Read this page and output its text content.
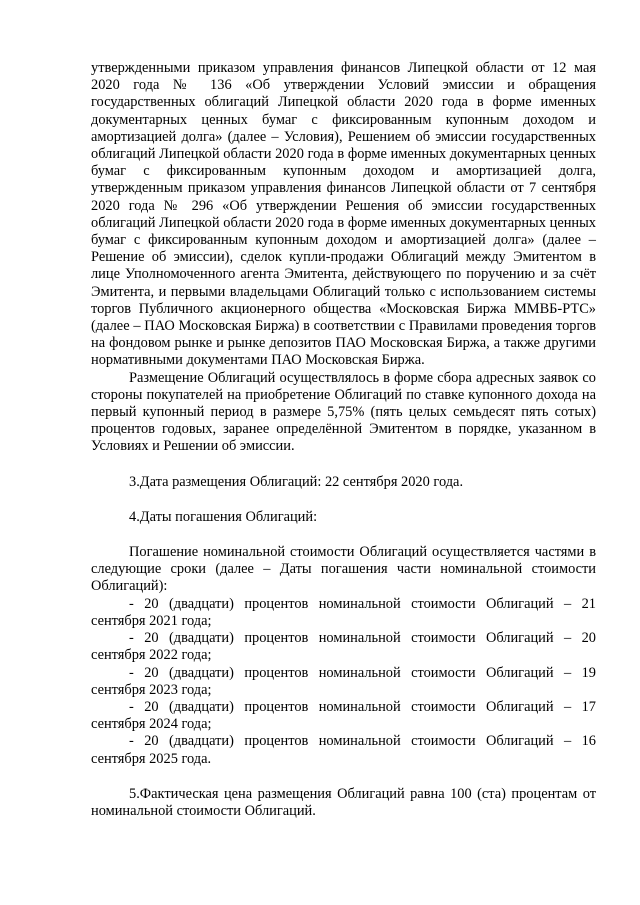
утвержденными приказом управления финансов Липецкой области от 12 мая 2020 года № 136 «Об утверждении Условий эмиссии и обращения государственных облигаций Липецкой области 2020 года в форме именных документарных ценных бумаг с фиксированным купонным доходом и амортизацией долга» (далее – Условия), Решением об эмиссии государственных облигаций Липецкой области 2020 года в форме именных документарных ценных бумаг с фиксированным купонным доходом и амортизацией долга, утвержденным приказом управления финансов Липецкой области от 7 сентября 2020 года № 296 «Об утверждении Решения об эмиссии государственных облигаций Липецкой области 2020 года в форме именных документарных ценных бумаг с фиксированным купонным доходом и амортизацией долга» (далее – Решение об эмиссии), сделок купли-продажи Облигаций между Эмитентом в лице Уполномоченного агента Эмитента, действующего по поручению и за счёт Эмитента, и первыми владельцами Облигаций только с использованием системы торгов Публичного акционерного общества «Московская Биржа ММВБ-РТС» (далее – ПАО Московская Биржа) в соответствии с Правилами проведения торгов на фондовом рынке и рынке депозитов ПАО Московская Биржа, а также другими нормативными документами ПАО Московская Биржа.

Размещение Облигаций осуществлялось в форме сбора адресных заявок со стороны покупателей на приобретение Облигаций по ставке купонного дохода на первый купонный период в размере 5,75% (пять целых семьдесят пять сотых) процентов годовых, заранее определённой Эмитентом в порядке, указанном в Условиях и Решении об эмиссии.

3.Дата размещения Облигаций: 22 сентября 2020 года.

4.Даты погашения Облигаций:

Погашение номинальной стоимости Облигаций осуществляется частями в следующие сроки (далее – Даты погашения части номинальной стоимости Облигаций):

- 20 (двадцати) процентов номинальной стоимости Облигаций – 21 сентября 2021 года;

- 20 (двадцати) процентов номинальной стоимости Облигаций – 20 сентября 2022 года;

- 20 (двадцати) процентов номинальной стоимости Облигаций – 19 сентября 2023 года;

- 20 (двадцати) процентов номинальной стоимости Облигаций – 17 сентября 2024 года;

- 20 (двадцати) процентов номинальной стоимости Облигаций – 16 сентября 2025 года.

5.Фактическая цена размещения Облигаций равна 100 (ста) процентам от номинальной стоимости Облигаций.
